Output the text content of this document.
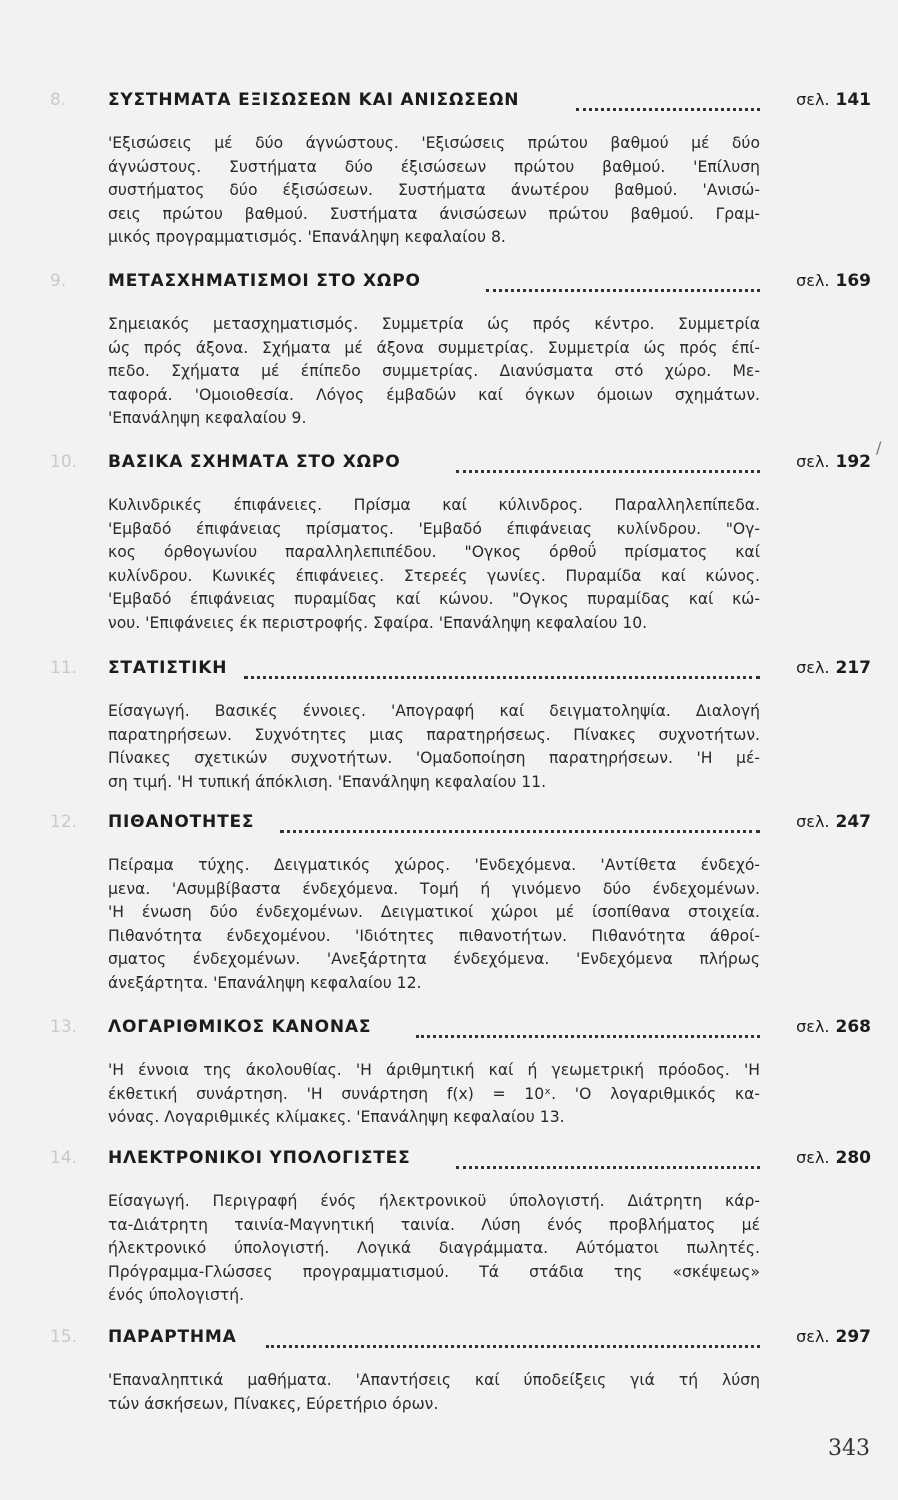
8.	ΣΥΣΤΗΜΑΤΑ ΕΞΙΣΩΣΕΩΝ ΚΑΙ ΑΝΙΣΩΣΕΩΝ	σελ. 141
'Εξισώσεις μέ δύο άγνώστους. 'Εξισώσεις πρώτου βαθμού μέ δύο
άγνώστους. Συστήματα δύο έξισώσεων πρώτου βαθμού. 'Επίλυση
συστήματος δύο έξισώσεων. Συστήματα άνωτέρου βαθμού. 'Ανισώ-
σεις πρώτου βαθμού. Συστήματα άνισώσεων πρώτου βαθμού. Γραμ-
μικός προγραμματισμός. 'Επανάληψη κεφαλαίου 8.
9.	ΜΕΤΑΣΧΗΜΑΤΙΣΜΟΙ ΣΤΟ ΧΩΡΟ	σελ. 169
Σημειακός μετασχηματισμός. Συμμετρία ώς πρός κέντρο. Συμμετρία
ώς πρός άξονα. Σχήματα μέ άξονα συμμετρίας. Συμμετρία ώς πρός έπί-
πεδο. Σχήματα μέ έπίπεδο συμμετρίας. Διανύσματα στό χώρο. Με-
ταφορά. 'Ομοιοθεσία. Λόγος έμβαδών καί όγκων όμοιων σχημάτων.
'Επανάληψη κεφαλαίου 9.
10.	ΒΑΣΙΚΑ ΣΧΗΜΑΤΑ ΣΤΟ ΧΩΡΟ	σελ. 192
Κυλινδρικές έπιφάνειες. Πρίσμα καί κύλινδρος. Παραλληλεπίπεδα.
'Εμβαδό έπιφάνειας πρίσματος. 'Εμβαδό έπιφάνειας κυλίνδρου. "Ογ-
κος όρθογωνίου παραλληλεπιπέδου. "Ογκος όρθοΰ πρίσματος καί
κυλίνδρου. Κωνικές έπιφάνειες. Στερεές γωνίες. Πυραμίδα καί κώνος.
'Εμβαδό έπιφάνειας πυραμίδας καί κώνου. "Ογκος πυραμίδας καί κώ-
νου. 'Επιφάνειες έκ περιστροφής. Σφαίρα. 'Επανάληψη κεφαλαίου 10.
11.	ΣΤΑΤΙΣΤΙΚΗ	σελ. 217
Είσαγωγή. Βασικές έννοιες. 'Απογραφή καί δειγματοληψία. Διαλογή
παρατηρήσεων. Συχνότητες μιας παρατηρήσεως. Πίνακες συχνοτήτων.
Πίνακες σχετικών συχνοτήτων. 'Ομαδοποίηση παρατηρήσεων. 'Η μέ-
ση τιμή. 'Η τυπική άπόκλιση. 'Επανάληψη κεφαλαίου 11.
12.	ΠΙΘΑΝΟΤΗΤΕΣ	σελ. 247
Πείραμα τύχης. Δειγματικός χώρος. 'Ενδεχόμενα. 'Αντίθετα ένδεχό-
μενα. 'Ασυμβίβαστα ένδεχόμενα. Τομή ή γινόμενο δύο ένδεχομένων.
'Η ένωση δύο ένδεχομένων. Δειγματικοί χώροι μέ ίσοπίθανα στοιχεία.
Πιθανότητα ένδεχομένου. 'Ιδιότητες πιθανοτήτων. Πιθανότητα άθροί-
σματος ένδεχομένων. 'Ανεξάρτητα ένδεχόμενα. 'Ενδεχόμενα πλήρως
άνεξάρτητα. 'Επανάληψη κεφαλαίου 12.
13.	ΛΟΓΑΡΙΘΜΙΚΟΣ ΚΑΝΟΝΑΣ	σελ. 268
'Η έννοια της άκολουθίας. 'Η άριθμητική καί ή γεωμετρική πρόοδος. 'Η
έκθετική συνάρτηση. 'Η συνάρτηση f(x) = 10ˣ. 'Ο λογαριθμικός κα-
νόνας. Λογαριθμικές κλίμακες. 'Επανάληψη κεφαλαίου 13.
14.	ΗΛΕΚΤΡΟΝΙΚΟΙ ΥΠΟΛΟΓΙΣΤΕΣ	σελ. 280
Είσαγωγή. Περιγραφή ένός ήλεκτρονικοϋ ύπολογιστή. Διάτρητη κάρ-
τα-Διάτρητη ταινία-Μαγνητική ταινία. Λύση ένός προβλήματος μέ
ήλεκτρονικό ύπολογιστή. Λογικά διαγράμματα. Αύτόματοι πωλητές.
Πρόγραμμα-Γλώσσες προγραμματισμού. Τά στάδια της «σκέψεως»
ένός ύπολογιστή.
15.	ΠΑΡΑΡΤΗΜΑ	σελ. 297
'Επαναληπτικά μαθήματα. 'Απαντήσεις καί ύποδείξεις γιά τή λύση
τών άσκήσεων, Πίνακες, Εύρετήριο όρων.
/
343
